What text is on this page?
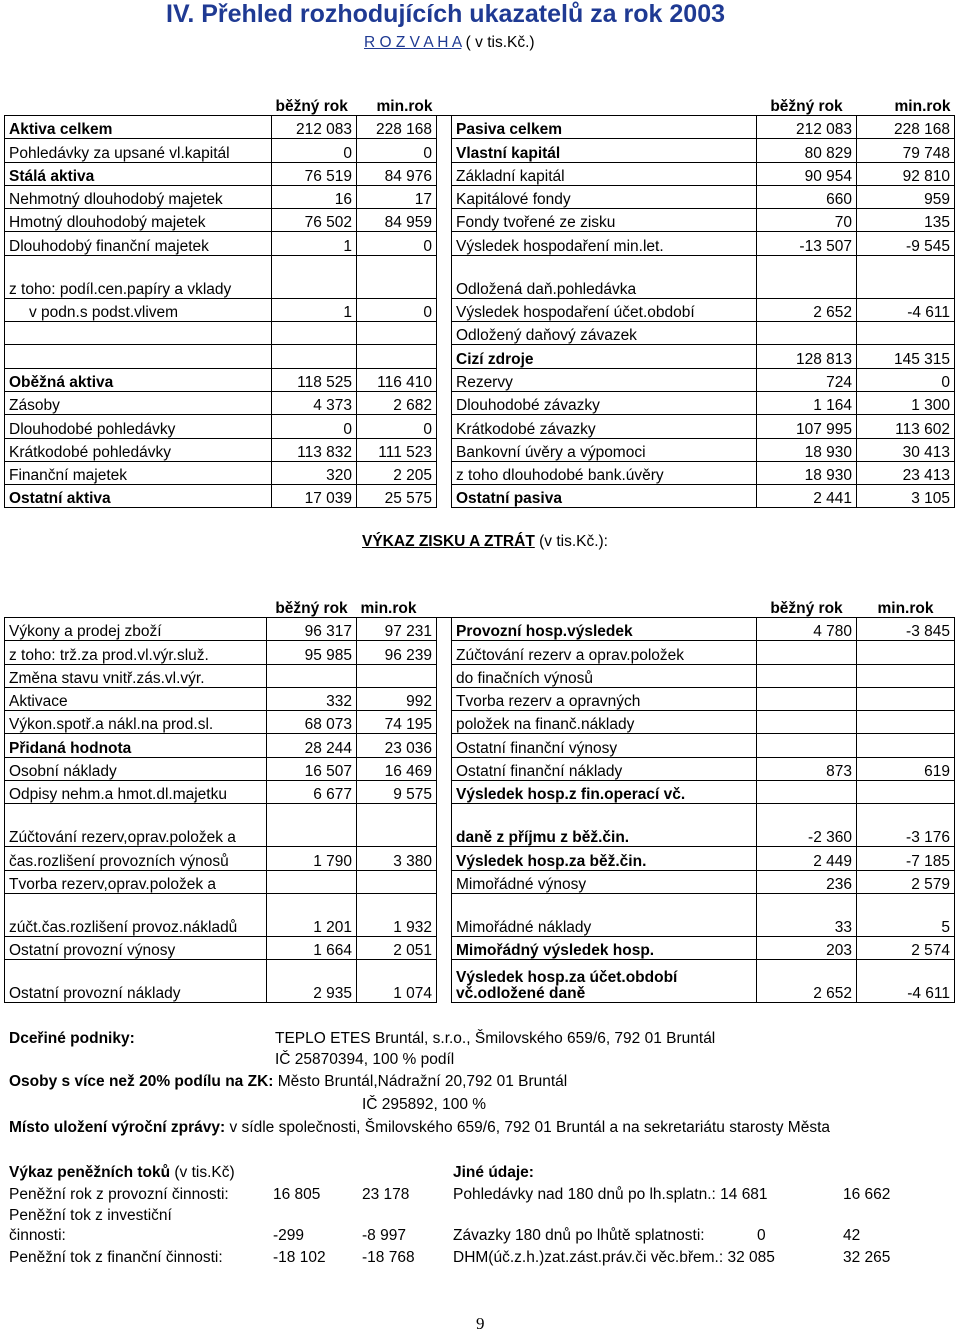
IV. Přehled rozhodujících ukazatelů za rok 2003
R O Z V A H A ( v tis.Kč.)
	běžný rok	min.rok			běžný rok	min.rok
Aktiva celkem	212 083	228 168		Pasiva celkem	212 083	228 168
Pohledávky za upsané vl.kapitál	0	0		Vlastní kapitál	80 829	79 748
Stálá aktiva	76 519	84 976		Základní kapitál	90 954	92 810
Nehmotný dlouhodobý majetek	16	17		Kapitálové fondy	660	959
Hmotný dlouhodobý majetek	76 502	84 959		Fondy tvořené ze zisku	70	135
Dlouhodobý finanční majetek	1	0		Výsledek hospodaření min.let.	-13 507	-9 545
z toho: podíl.cen.papíry a vklady				Odložená daň.pohledávka		
v podn.s podst.vlivem	1	0		Výsledek hospodaření účet.období	2 652	-4 611
				Odložený daňový závazek		
				Cizí zdroje	128 813	145 315
Oběžná aktiva	118 525	116 410		Rezervy	724	0
Zásoby	4 373	2 682		Dlouhodobé závazky	1 164	1 300
Dlouhodobé pohledávky	0	0		Krátkodobé závazky	107 995	113 602
Krátkodobé pohledávky	113 832	111 523		Bankovní úvěry a výpomoci	18 930	30 413
Finanční majetek	320	2 205		z toho dlouhodobé bank.úvěry	18 930	23 413
Ostatní aktiva	17 039	25 575		Ostatní pasiva	2 441	3 105
VÝKAZ ZISKU A ZTRÁT (v tis.Kč.):
	běžný rok	min.rok			běžný rok	min.rok
Výkony a prodej zboží	96 317	97 231		Provozní hosp.výsledek	4 780	-3 845
z toho: trž.za prod.vl.výr.služ.	95 985	96 239		Zúčtování rezerv a oprav.položek		
Změna stavu vnitř.zás.vl.výr.				do finačních výnosů		
Aktivace	332	992		Tvorba rezerv a opravných		
Výkon.spotř.a nákl.na prod.sl.	68 073	74 195		položek na finanč.náklady		
Přidaná hodnota	28 244	23 036		Ostatní finanční výnosy		
Osobní náklady	16 507	16 469		Ostatní finanční náklady	873	619
Odpisy nehm.a hmot.dl.majetku	6 677	9 575		Výsledek hosp.z fin.operací vč.		
Zúčtování rezerv,oprav.položek a				daně z příjmu z běž.čin.	-2 360	-3 176
čas.rozlišení provozních výnosů	1 790	3 380		Výsledek hosp.za běž.čin.	2 449	-7 185
Tvorba rezerv,oprav.položek a				Mimořádné výnosy	236	2 579
zúčt.čas.rozlišení provoz.nákladů	1 201	1 932		Mimořádné náklady	33	5
Ostatní provozní výnosy	1 664	2 051		Mimořádný výsledek hosp.	203	2 574
Ostatní provozní náklady	2 935	1 074		Výsledek hosp.za účet.období vč.odložené daně	2 652	-4 611
Dceřiné podniky:	TEPLO ETES Bruntál, s.r.o., Šmilovského 659/6, 792 01 Bruntál
IČ 25870394, 100 % podíl
Osoby s více než 20% podílu na ZK: Město Bruntál,Nádražní 20,792 01 Bruntál
IČ 295892, 100 %
Místo uložení výroční zprávy: v sídle společnosti, Šmilovského 659/6, 792 01 Bruntál a na sekretariátu starosty Města
Výkaz peněžních toků (v tis.Kč)
Peněžní rok z provozní činnosti:	16 805	23 178
Peněžní tok z investiční
činnosti:	-299	-8 997
Peněžní tok z finanční činnosti:	-18 102 -18 768
Jiné údaje:
Pohledávky nad 180 dnů po lh.splatn.: 14 681	16 662
Závazky 180 dnů po lhůtě splatnosti:	0	42
DHM(úč.z.h.)zat.zást.práv.či věc.břem.: 32 085	32 265
9
